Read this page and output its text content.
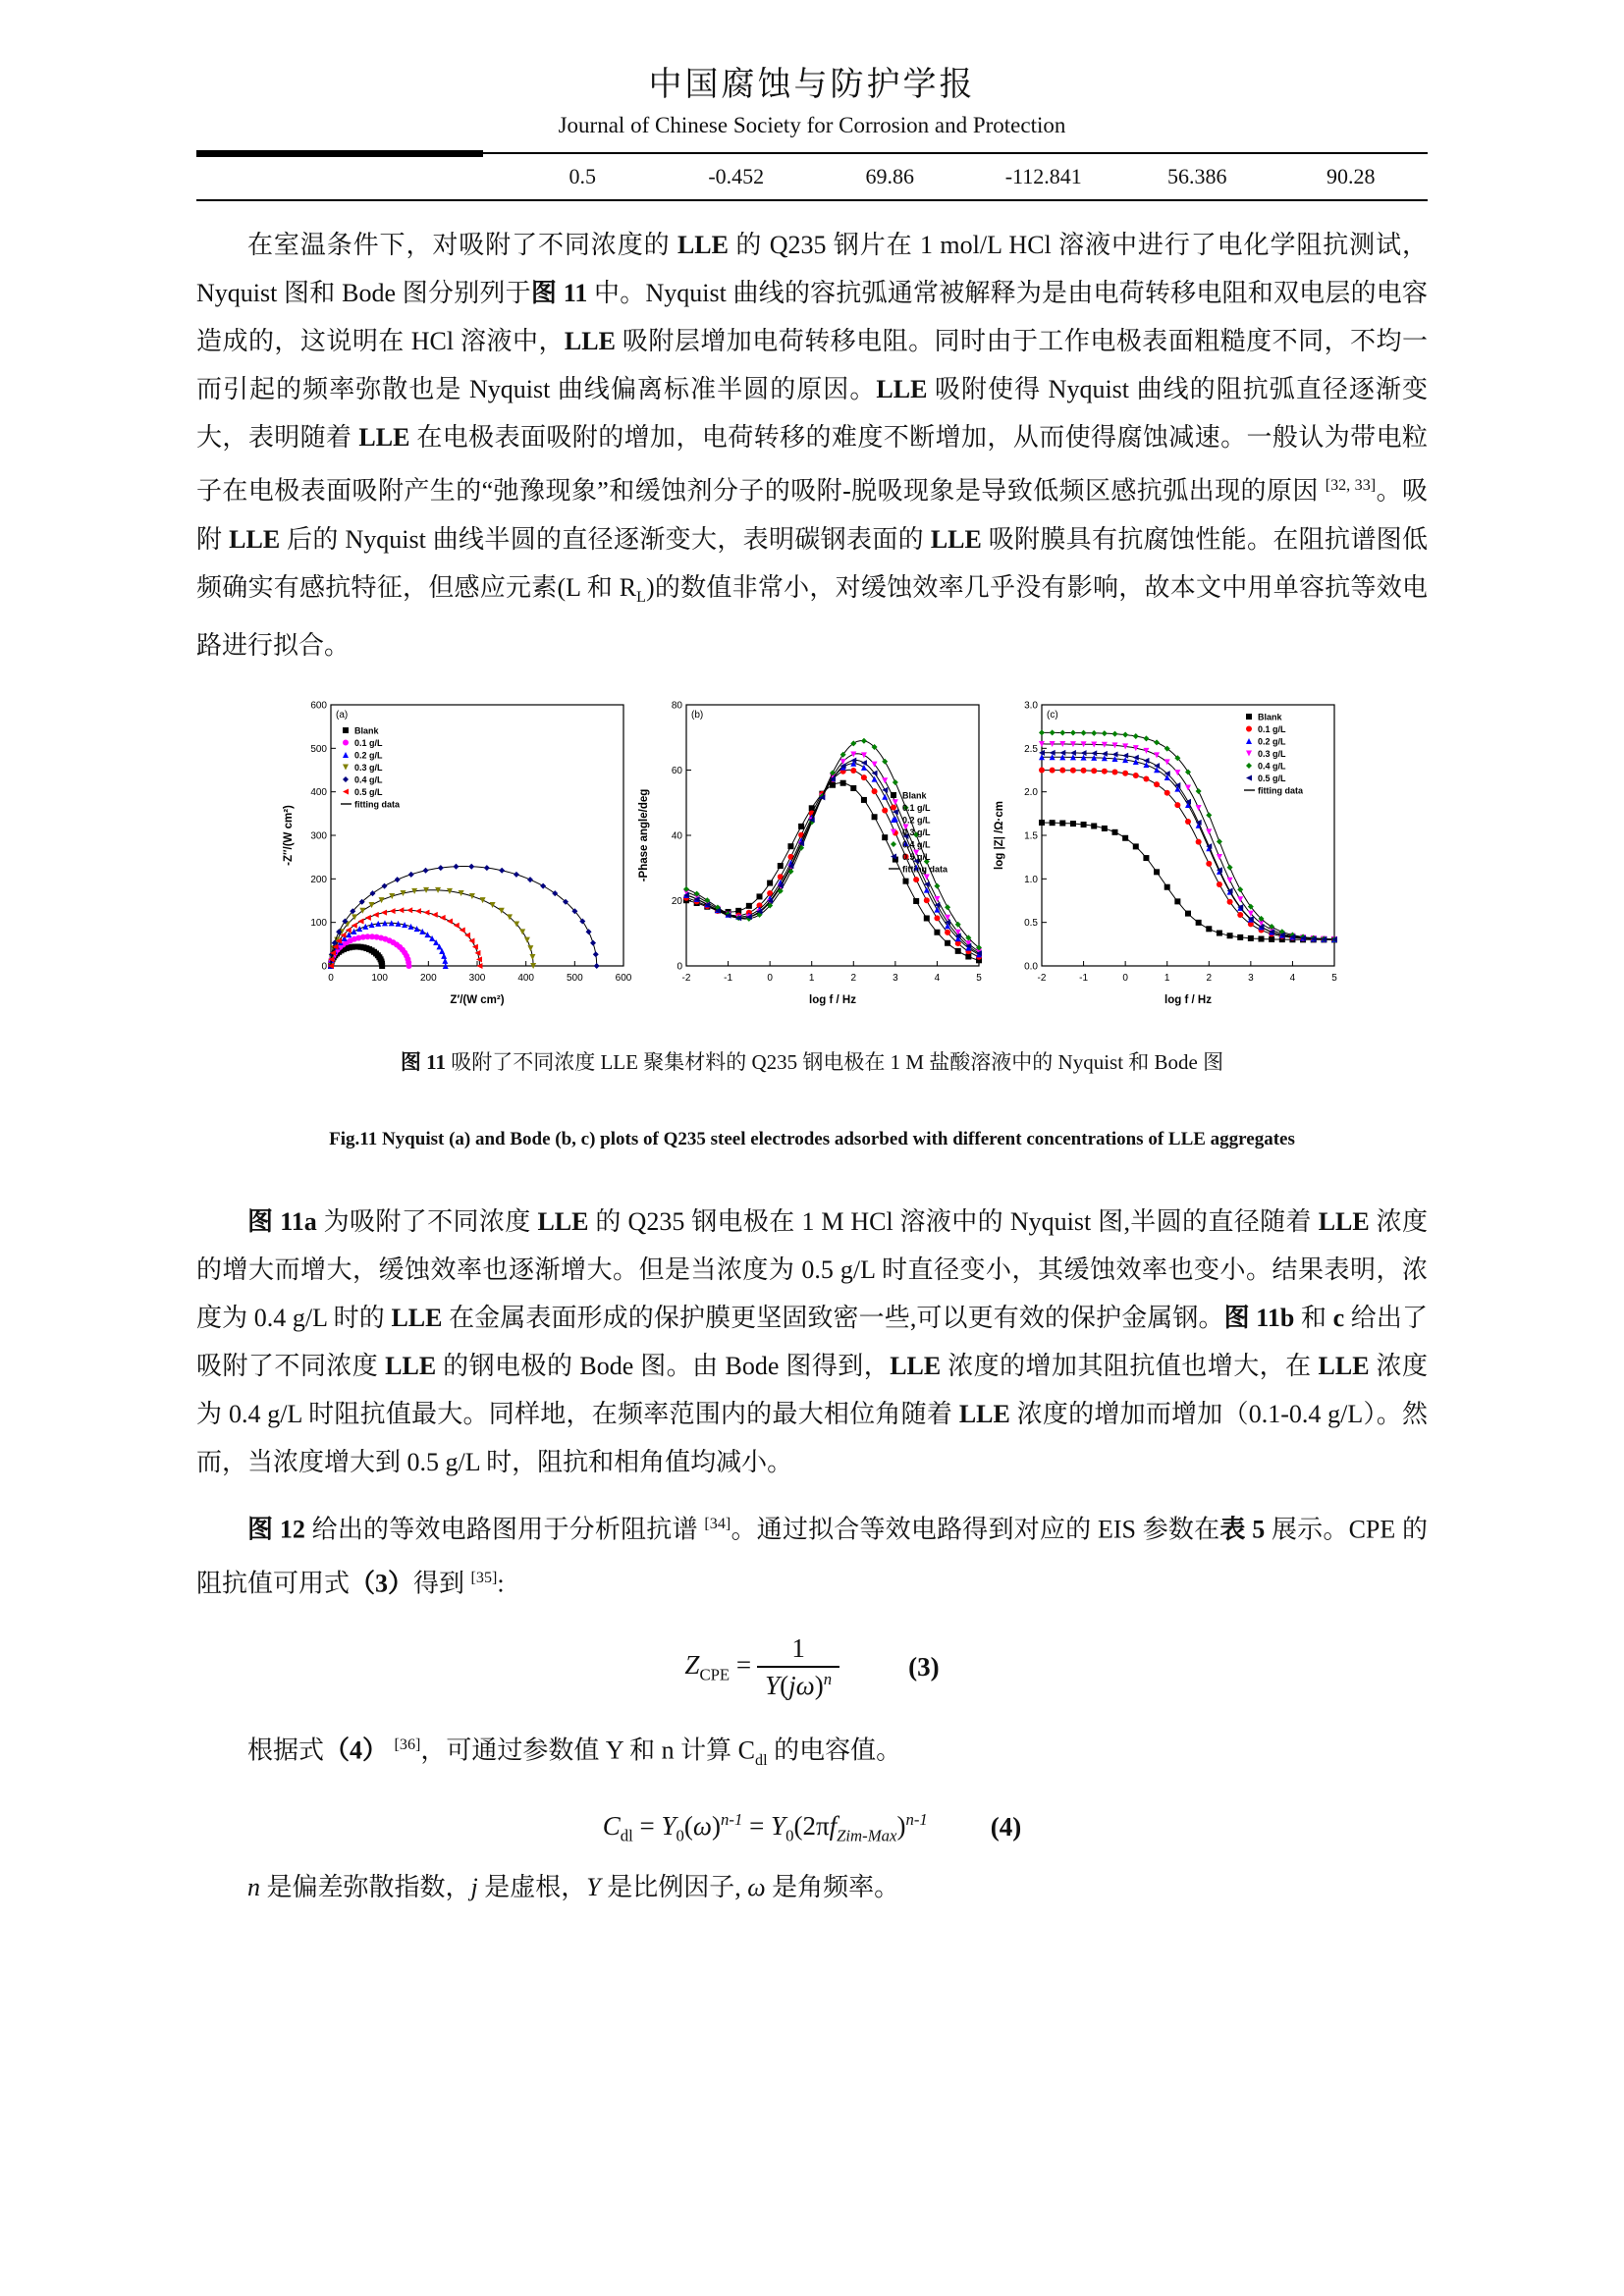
中国腐蚀与防护学报
Journal of Chinese Society for Corrosion and Protection
0.5	-0.452	69.86	-112.841	56.386	90.28

在室温条件下，对吸附了不同浓度的 LLE 的 Q235 钢片在 1 mol/L HCl 溶液中进行了电化学阻抗测试，Nyquist 图和 Bode 图分别列于图 11 中。Nyquist 曲线的容抗弧通常被解释为是由电荷转移电阻和双电层的电容造成的，这说明在 HCl 溶液中，LLE 吸附层增加电荷转移电阻。同时由于工作电极表面粗糙度不同，不均一而引起的频率弥散也是 Nyquist 曲线偏离标准半圆的原因。LLE 吸附使得 Nyquist 曲线的阻抗弧直径逐渐变大，表明随着 LLE 在电极表面吸附的增加，电荷转移的难度不断增加，从而使得腐蚀减速。一般认为带电粒子在电极表面吸附产生的“弛豫现象”和缓蚀剂分子的吸附-脱吸现象是导致低频区感抗弧出现的原因 [32, 33]。吸附 LLE 后的 Nyquist 曲线半圆的直径逐渐变大，表明碳钢表面的 LLE 吸附膜具有抗腐蚀性能。在阻抗谱图低频确实有感抗特征，但感应元素(L 和 $R_L$)的数值非常小，对缓蚀效率几乎没有影响，故本文中用单容抗等效电路进行拟合。

0	100	200	300	400	500	600
0
100
200
300
400
500
600
Z′/(W cm²)
-Z″/(W cm²)
(a)
Blank
0.1 g/L
0.2 g/L
0.3 g/L
0.4 g/L
0.5 g/L
fitting data
-2	-1	0	1	2	3	4	5
0
20
40
60
80
log f / Hz
-Phase angle/deg
(b)
Blank
0.1 g/L
0.2 g/L
0.3 g/L
0.4 g/L
0.5 g/L
fitting data
-2	-1	0	1	2	3	4	5
0.0
0.5
1.0
1.5
2.0
2.5
3.0
log f / Hz
log |Z| /Ω·cm
(c)	Blank
0.1 g/L
0.2 g/L
0.3 g/L
0.4 g/L
0.5 g/L
fitting data
图 11 吸附了不同浓度 LLE 聚集材料的 Q235 钢电极在 1 M 盐酸溶液中的 Nyquist 和 Bode 图
Fig.11 Nyquist (a) and Bode (b, c) plots of Q235 steel electrodes adsorbed with different concentrations of LLE aggregates

图 11a 为吸附了不同浓度 LLE 的 Q235 钢电极在 1 M HCl 溶液中的 Nyquist 图,半圆的直径随着 LLE 浓度的增大而增大，缓蚀效率也逐渐增大。但是当浓度为 0.5 g/L 时直径变小，其缓蚀效率也变小。结果表明，浓度为 0.4 g/L 时的 LLE 在金属表面形成的保护膜更坚固致密一些,可以更有效的保护金属钢。图 11b 和 c 给出了吸附了不同浓度 LLE 的钢电极的 Bode 图。由 Bode 图得到，LLE 浓度的增加其阻抗值也增大，在 LLE 浓度为 0.4 g/L 时阻抗值最大。同样地，在频率范围内的最大相位角随着 LLE 浓度的增加而增加（0.1-0.4 g/L）。然而，当浓度增大到 0.5 g/L 时，阻抗和相角值均减小。

图 12 给出的等效电路图用于分析阻抗谱 [34]。通过拟合等效电路得到对应的 EIS 参数在表 5 展示。CPE 的阻抗值可用式（3）得到 [35]:

$Z_{CPE} = \frac{1}{Y(j\omega)^n}$	(3)

根据式（4） [36]，可通过参数值 Y 和 n 计算 $C_{dl}$ 的电容值。

$C_{dl} = Y_0(\omega)^{n-1} = Y_0(2\pi f_{Zim-Max})^{n-1}$ (4)

n 是偏差弥散指数，j 是虚根，Y 是比例因子, ω 是角频率。
